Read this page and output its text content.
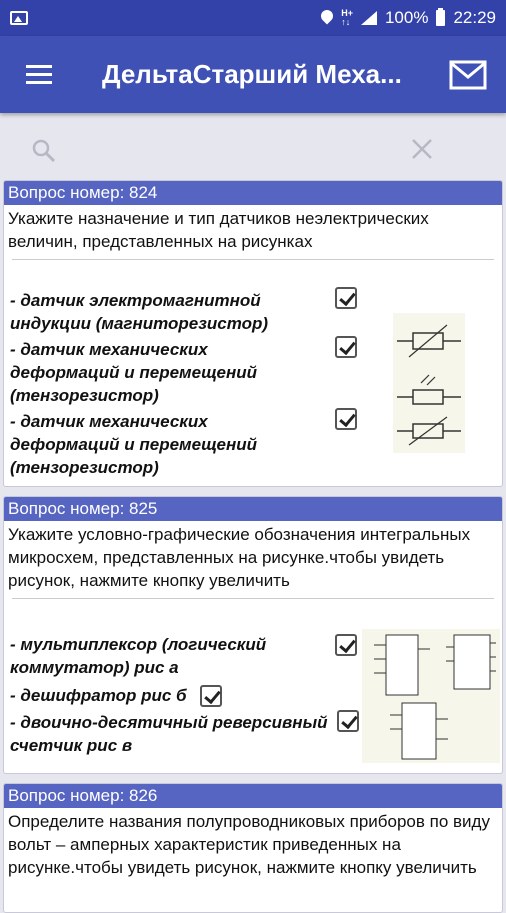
H+
↑↓ 100% 22:29
ДельтаСтарший Меха...
Вопрос номер: 824
Укажите назначение и тип датчиков неэлектрических величин, представленных на рисунках
- датчик электромагнитной индукции (магниторезистор)
- датчик механических деформаций и перемещений (тензорезистор)
- датчик механических деформаций и перемещений (тензорезистор)
Вопрос номер: 825
Укажите условно-графические обозначения интегральных микросхем, представленных на рисунке.чтобы увидеть рисунок, нажмите кнопку увеличить
- мультиплексор (логический коммутатор) рис а
- дешифратор рис б
- двоично-десятичный реверсивный счетчик рис в
Вопрос номер: 826
Определите названия полупроводниковых приборов по виду вольт – амперных характеристик приведенных на рисунке.чтобы увидеть рисунок, нажмите кнопку увеличить
